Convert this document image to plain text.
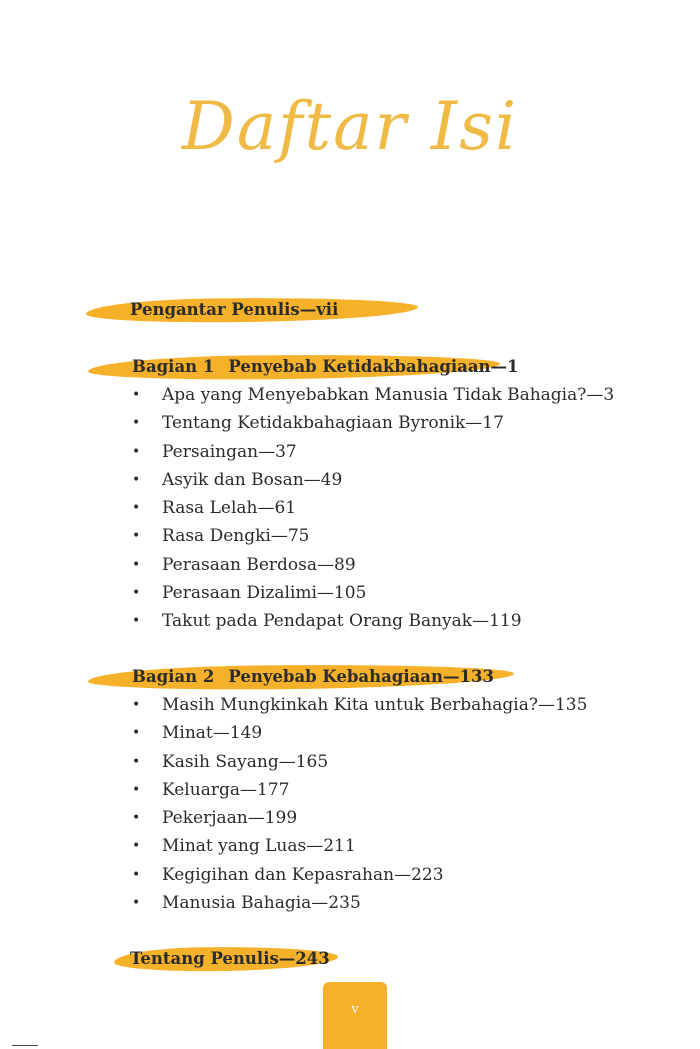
Daftar Isi
Pengantar Penulis—vii
Bagian 1 Penyebab Ketidakbahagiaan—1
• Apa yang Menyebabkan Manusia Tidak Bahagia?—3
• Tentang Ketidakbahagiaan Byronik—17
• Persaingan—37
• Asyik dan Bosan—49
• Rasa Lelah—61
• Rasa Dengki—75
• Perasaan Berdosa—89
• Perasaan Dizalimi—105
• Takut pada Pendapat Orang Banyak—119
Bagian 2 Penyebab Kebahagiaan—133
• Masih Mungkinkah Kita untuk Berbahagia?—135
• Minat—149
• Kasih Sayang—165
• Keluarga—177
• Pekerjaan—199
• Minat yang Luas—211
• Kegigihan dan Kepasrahan—223
• Manusia Bahagia—235
Tentang Penulis—243
v
